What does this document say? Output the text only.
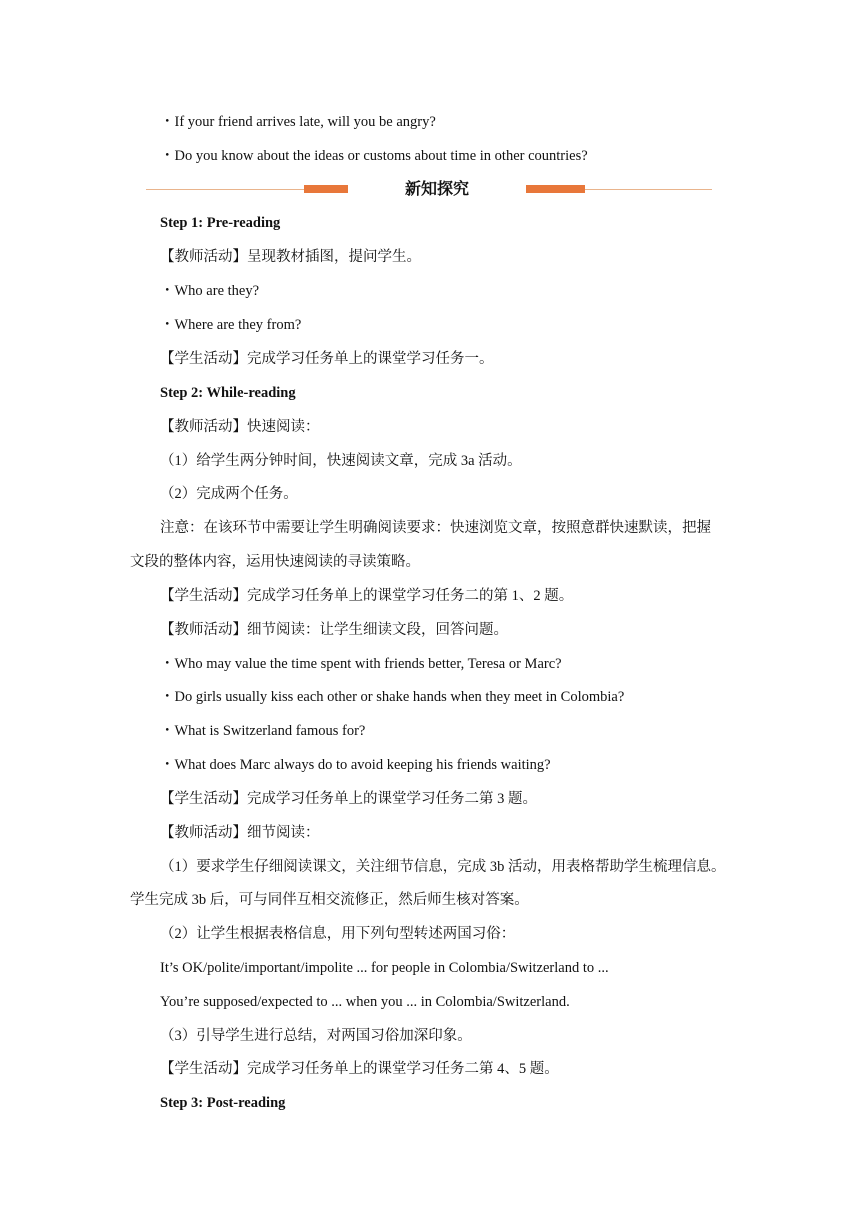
・If your friend arrives late, will you be angry?
・Do you know about the ideas or customs about time in other countries?
新知探究
Step 1: Pre-reading
【教师活动】呈现教材插图，提问学生。
・Who are they?
・Where are they from?
【学生活动】完成学习任务单上的课堂学习任务一。
Step 2: While-reading
【教师活动】快速阅读：
（1）给学生两分钟时间，快速阅读文章，完成 3a 活动。
（2）完成两个任务。
注意：在该环节中需要让学生明确阅读要求：快速浏览文章，按照意群快速默读，把握
文段的整体内容，运用快速阅读的寻读策略。
【学生活动】完成学习任务单上的课堂学习任务二的第 1、2 题。
【教师活动】细节阅读：让学生细读文段，回答问题。
・Who may value the time spent with friends better, Teresa or Marc?
・Do girls usually kiss each other or shake hands when they meet in Colombia?
・What is Switzerland famous for?
・What does Marc always do to avoid keeping his friends waiting?
【学生活动】完成学习任务单上的课堂学习任务二第 3 题。
【教师活动】细节阅读：
（1）要求学生仔细阅读课文，关注细节信息，完成 3b 活动，用表格帮助学生梳理信息。
学生完成 3b 后，可与同伴互相交流修正，然后师生核对答案。
（2）让学生根据表格信息，用下列句型转述两国习俗：
It’s OK/polite/important/impolite ... for people in Colombia/Switzerland to ...
You’re supposed/expected to ... when you ... in Colombia/Switzerland.
（3）引导学生进行总结，对两国习俗加深印象。
【学生活动】完成学习任务单上的课堂学习任务二第 4、5 题。
Step 3: Post-reading
